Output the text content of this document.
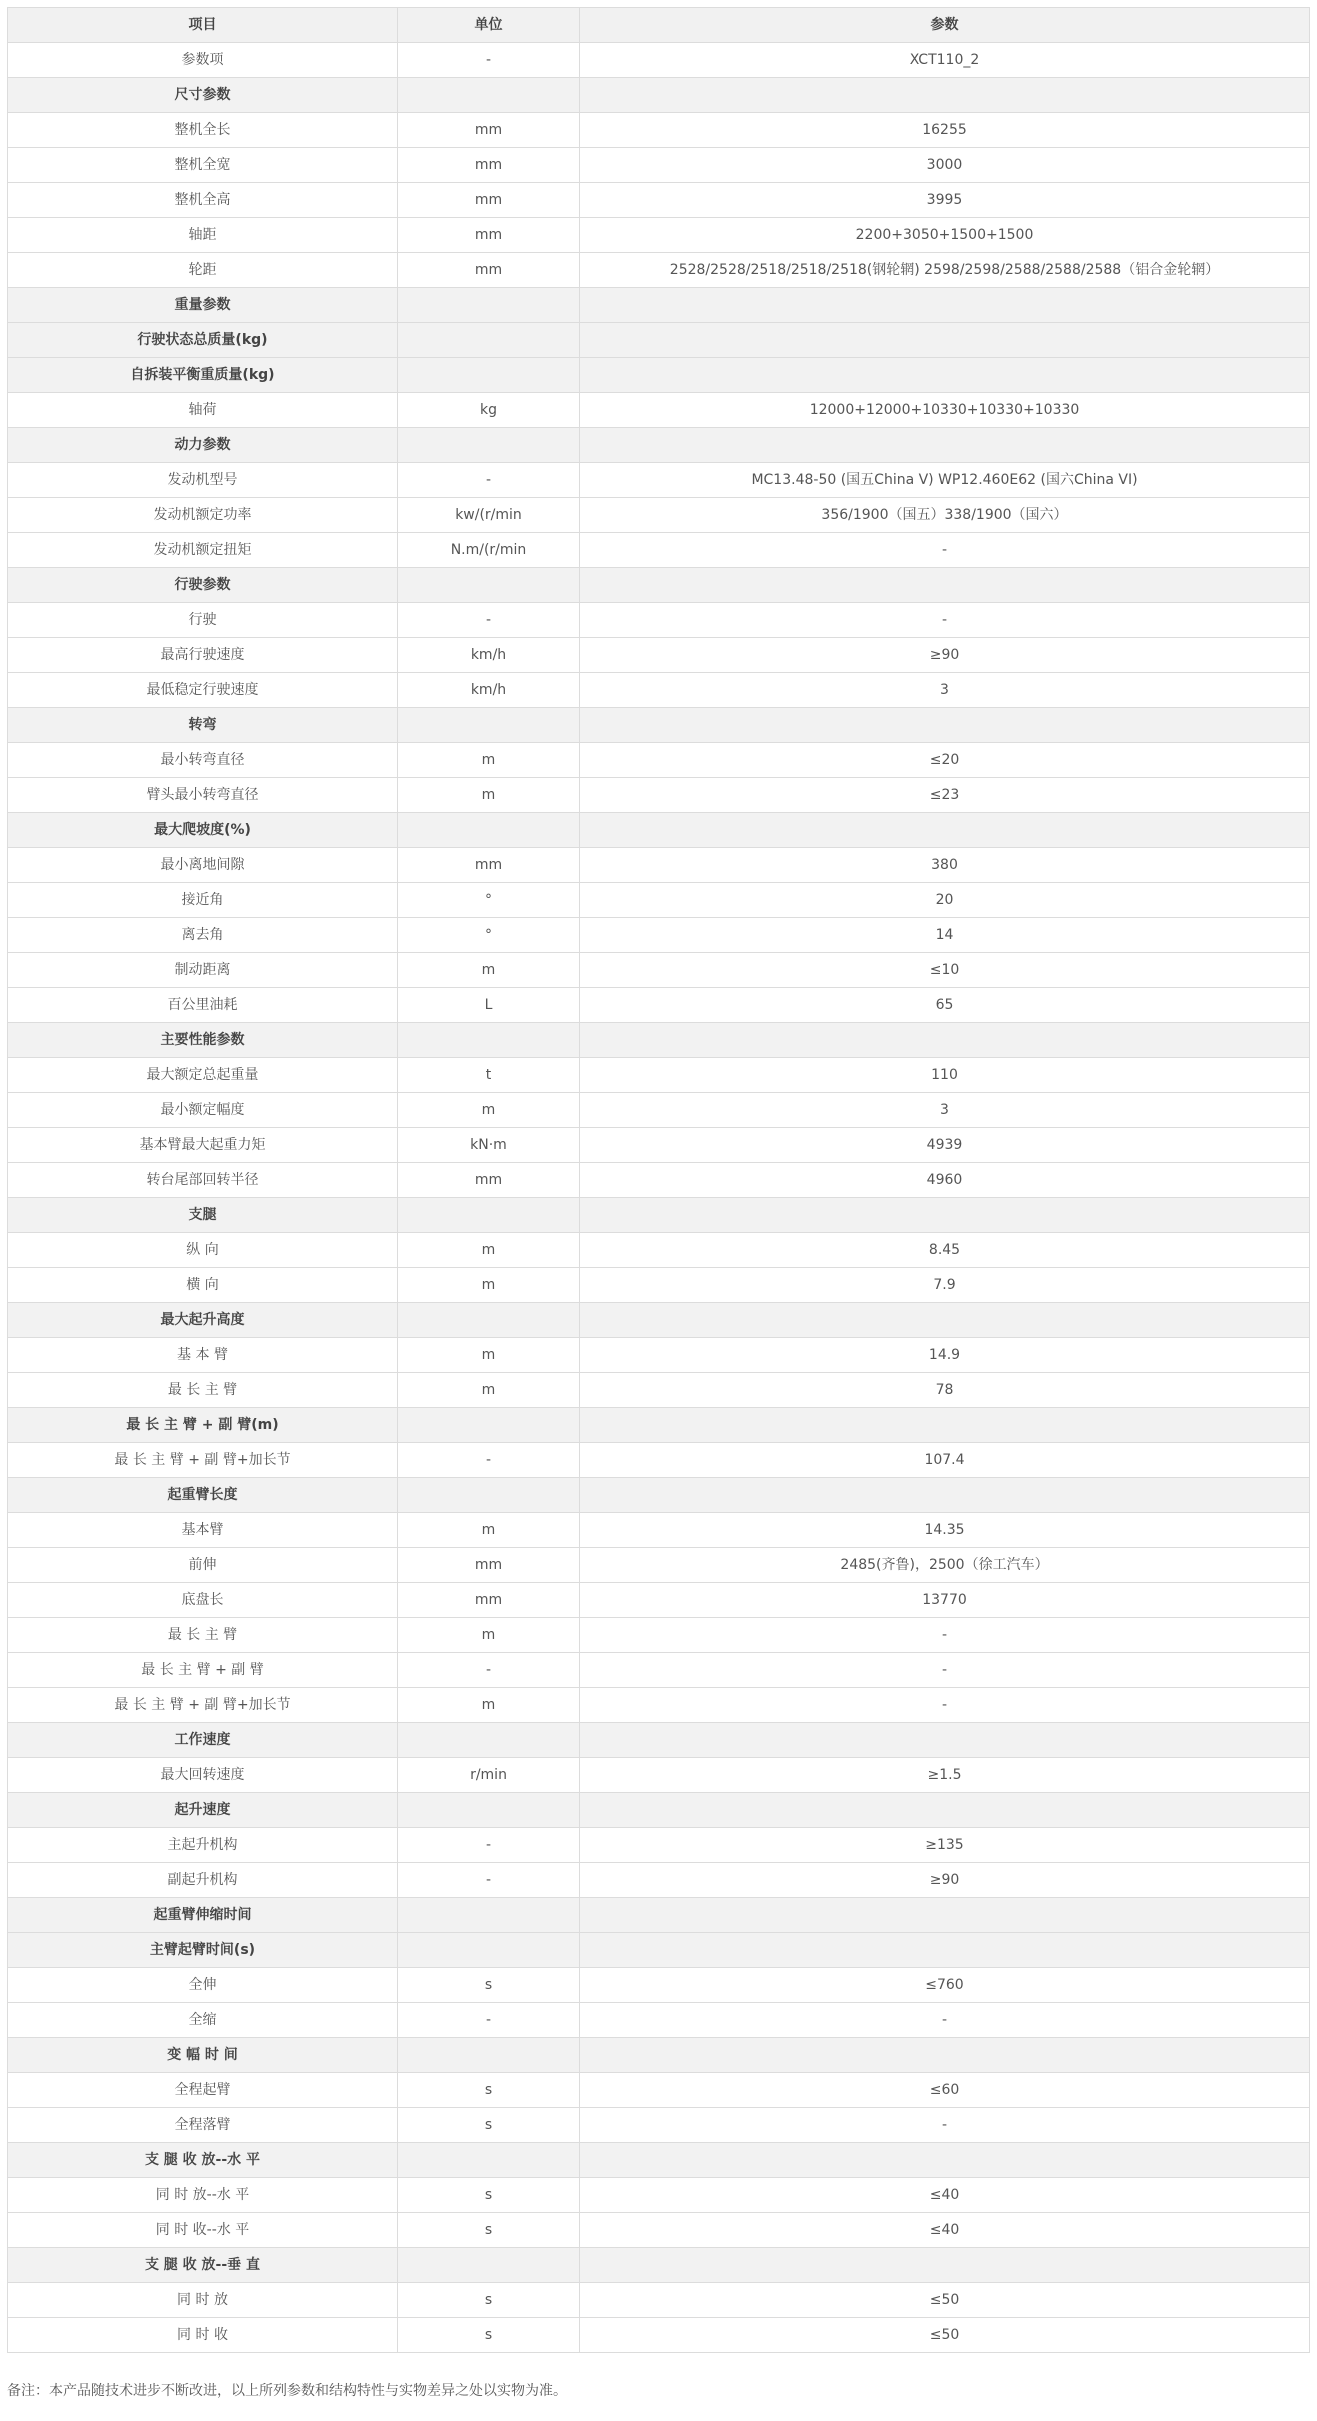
项目	单位	参数
参数项	-	XCT110_2
尺寸参数		
整机全长	mm	16255
整机全宽	mm	3000
整机全高	mm	3995
轴距	mm	2200+3050+1500+1500
轮距	mm	2528/2528/2518/2518/2518(钢轮辋) 2598/2598/2588/2588/2588（铝合金轮辋）
重量参数		
行驶状态总质量(kg)		
自拆装平衡重质量(kg)		
轴荷	kg	12000+12000+10330+10330+10330
动力参数		
发动机型号	-	MC13.48-50 (国五China V) WP12.460E62 (国六China VI)
发动机额定功率	kw/(r/min	356/1900（国五）338/1900（国六）
发动机额定扭矩	N.m/(r/min	-
行驶参数		
行驶	-	-
最高行驶速度	km/h	≥90
最低稳定行驶速度	km/h	3
转弯		
最小转弯直径	m	≤20
臂头最小转弯直径	m	≤23
最大爬坡度(%)		
最小离地间隙	mm	380
接近角	°	20
离去角	°	14
制动距离	m	≤10
百公里油耗	L	65
主要性能参数		
最大额定总起重量	t	110
最小额定幅度	m	3
基本臂最大起重力矩	kN·m	4939
转台尾部回转半径	mm	4960
支腿		
纵 向	m	8.45
横 向	m	7.9
最大起升高度		
基 本 臂	m	14.9
最 长 主 臂	m	78
最 长 主 臂 + 副 臂(m)		
最 长 主 臂 + 副 臂+加长节	-	107.4
起重臂长度		
基本臂	m	14.35
前伸	mm	2485(齐鲁)，2500（徐工汽车）
底盘长	mm	13770
最 长 主 臂	m	-
最 长 主 臂 + 副 臂	-	-
最 长 主 臂 + 副 臂+加长节	m	-
工作速度		
最大回转速度	r/min	≥1.5
起升速度		
主起升机构	-	≥135
副起升机构	-	≥90
起重臂伸缩时间		
主臂起臂时间(s)		
全伸	s	≤760
全缩	-	-
变 幅 时 间		
全程起臂	s	≤60
全程落臂	s	-
支 腿 收 放--水 平		
同 时 放--水 平	s	≤40
同 时 收--水 平	s	≤40
支 腿 收 放--垂 直		
同 时 放	s	≤50
同 时 收	s	≤50
备注：本产品随技术进步不断改进，以上所列参数和结构特性与实物差异之处以实物为准。
